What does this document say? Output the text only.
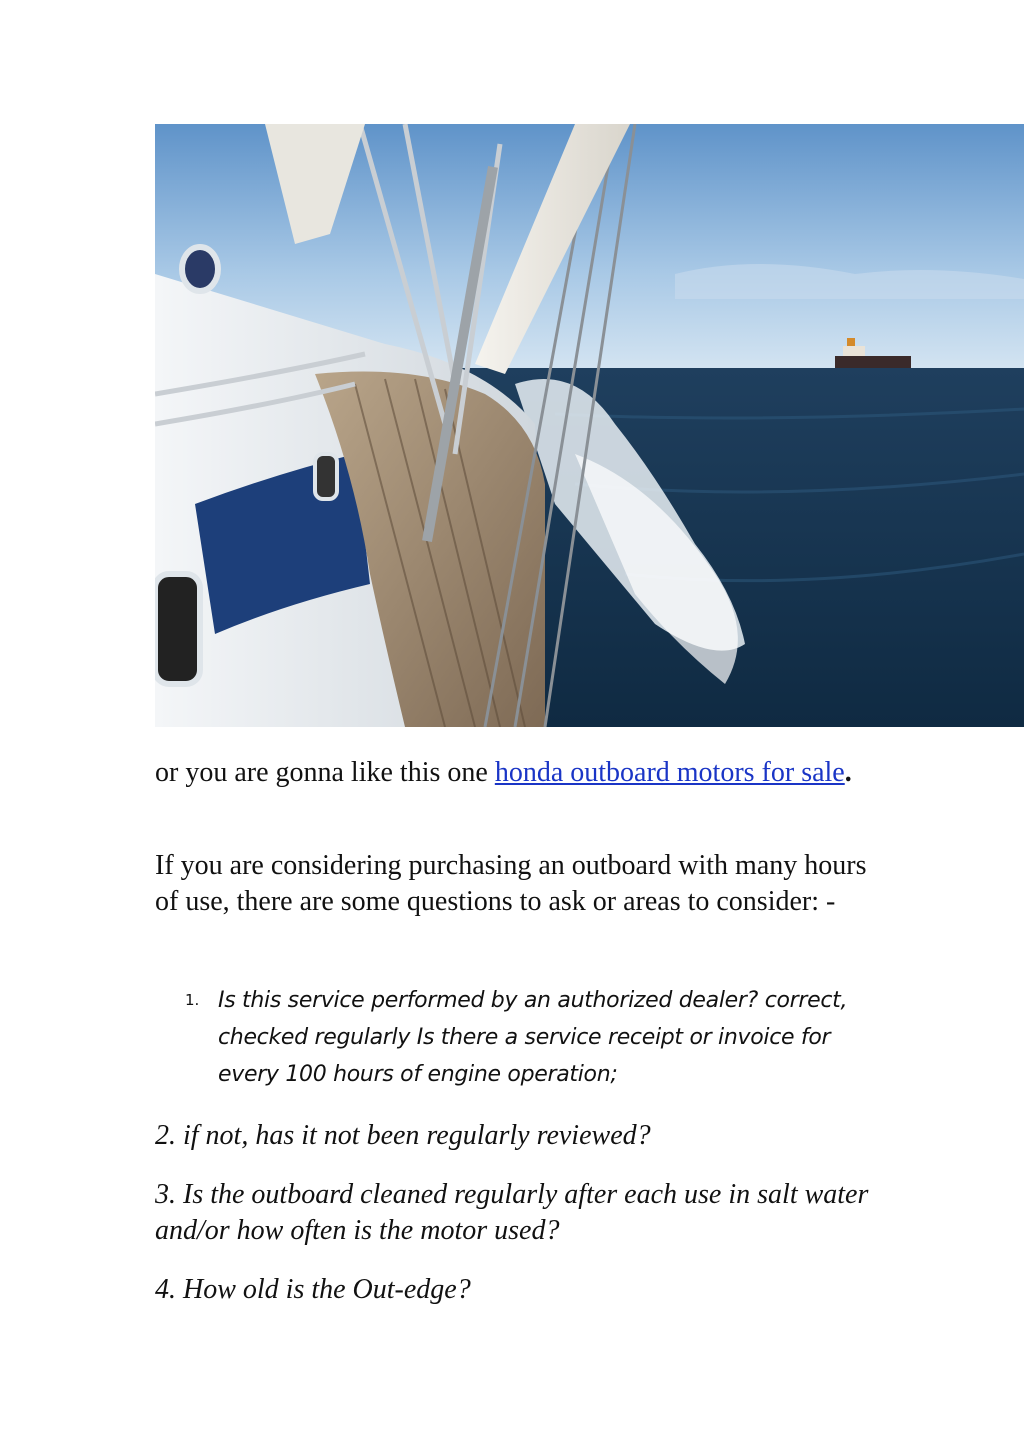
or you are gonna like this one honda outboard motors for sale.

If you are considering purchasing an outboard with many hours of use, there are some questions to ask or areas to consider: -

1. Is this service performed by an authorized dealer? correct, checked regularly Is there a service receipt or invoice for every 100 hours of engine operation;

2. if not, has it not been regularly reviewed?

3. Is the outboard cleaned regularly after each use in salt water and/or how often is the motor used?

4. How old is the Out-edge?
